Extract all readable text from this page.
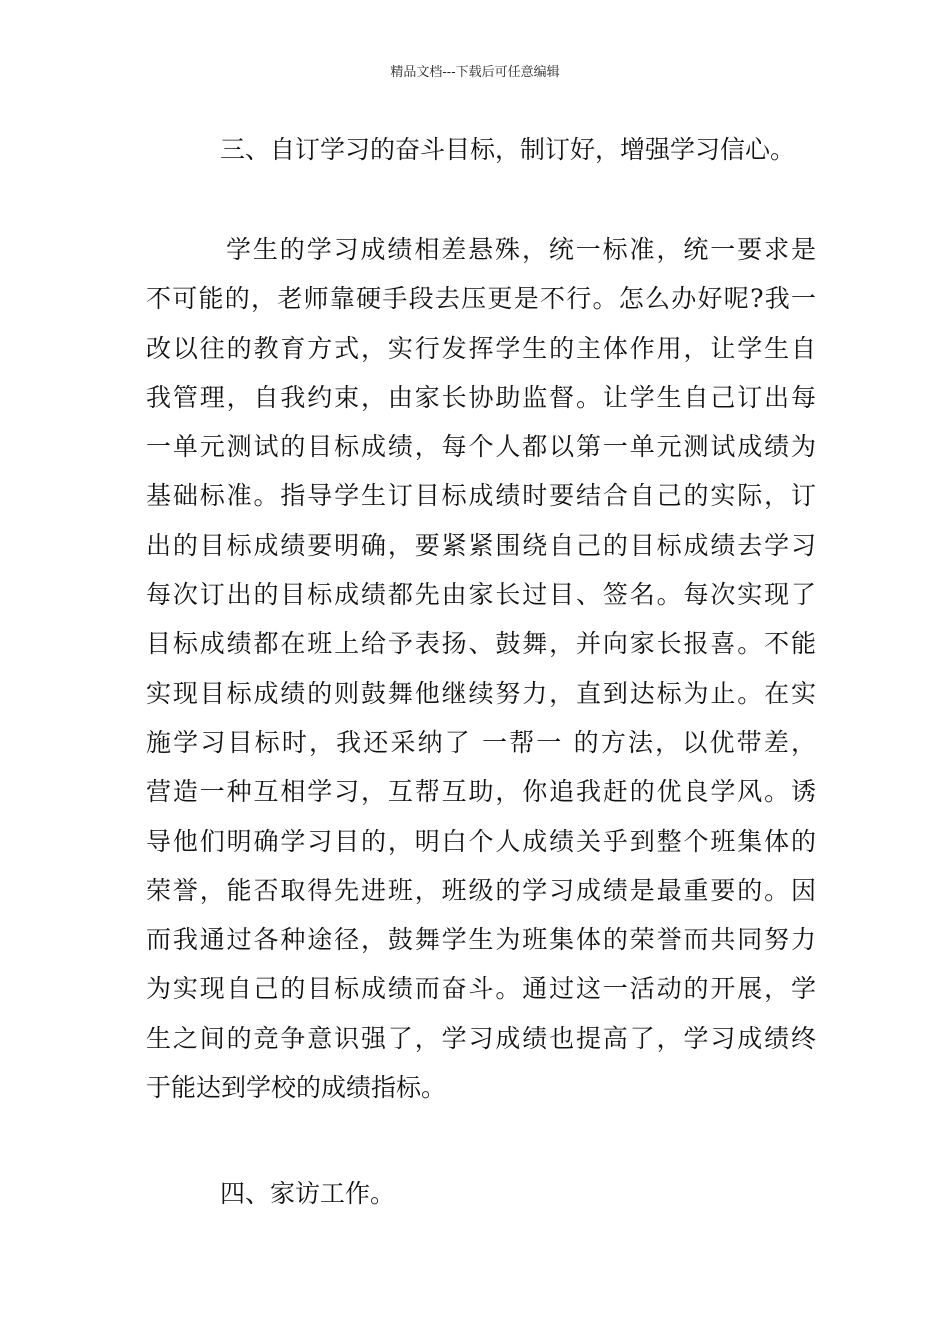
精品文档---下载后可任意编辑
三、自订学习的奋斗目标，制订好，增强学习信心。
学生的学习成绩相差悬殊，统一标准，统一要求是
不可能的，老师靠硬手段去压更是不行。怎么办好呢?我一
改以往的教育方式，实行发挥学生的主体作用，让学生自
我管理，自我约束，由家长协助监督。让学生自己订出每
一单元测试的目标成绩，每个人都以第一单元测试成绩为
基础标准。指导学生订目标成绩时要结合自己的实际，订
出的目标成绩要明确，要紧紧围绕自己的目标成绩去学习
每次订出的目标成绩都先由家长过目、签名。每次实现了
目标成绩都在班上给予表扬、鼓舞，并向家长报喜。不能
实现目标成绩的则鼓舞他继续努力，直到达标为止。在实
施学习目标时，我还采纳了 一帮一 的方法，以优带差，
营造一种互相学习，互帮互助，你追我赶的优良学风。诱
导他们明确学习目的，明白个人成绩关乎到整个班集体的
荣誉，能否取得先进班，班级的学习成绩是最重要的。因
而我通过各种途径，鼓舞学生为班集体的荣誉而共同努力
为实现自己的目标成绩而奋斗。通过这一活动的开展，学
生之间的竞争意识强了，学习成绩也提高了，学习成绩终
于能达到学校的成绩指标。
四、家访工作。
